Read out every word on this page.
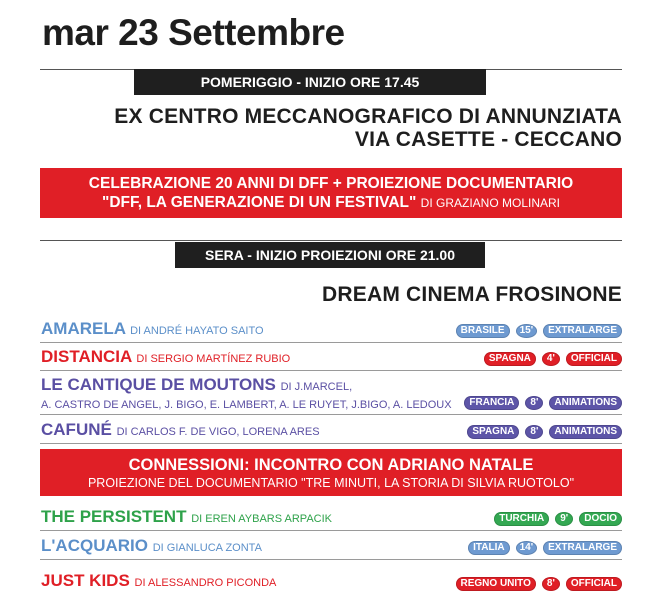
mar 23 Settembre
POMERIGGIO - INIZIO ORE 17.45
EX CENTRO MECCANOGRAFICO DI ANNUNZIATA
VIA CASETTE - CECCANO
CELEBRAZIONE 20 ANNI DI DFF + PROIEZIONE DOCUMENTARIO
"DFF, LA GENERAZIONE DI UN FESTIVAL" DI GRAZIANO MOLINARI
SERA - INIZIO PROIEZIONI ORE 21.00
DREAM CINEMA FROSINONE
AMARELA DI ANDRÉ HAYATO SAITO	BRASILE	15'	EXTRALARGE
DISTANCIA DI SERGIO MARTÍNEZ RUBIO	SPAGNA	4'	OFFICIAL
LE CANTIQUE DE MOUTONS DI J.MARCEL,
A. CASTRO DE ANGEL, J. BIGO, E. LAMBERT, A. LE RUYET, J.BIGO, A. LEDOUX	FRANCIA	8'	ANIMATIONS
CAFUNÉ DI CARLOS F. DE VIGO, LORENA ARES	SPAGNA	8'	ANIMATIONS
CONNESSIONI: INCONTRO CON ADRIANO NATALE
PROIEZIONE DEL DOCUMENTARIO "TRE MINUTI, LA STORIA DI SILVIA RUOTOLO"
THE PERSISTENT DI EREN AYBARS ARPACIK	TURCHIA	9'	DOCIO
L'ACQUARIO DI GIANLUCA ZONTA	ITALIA	14'	EXTRALARGE
JUST KIDS DI ALESSANDRO PICONDA	REGNO UNITO	8'	OFFICIAL
